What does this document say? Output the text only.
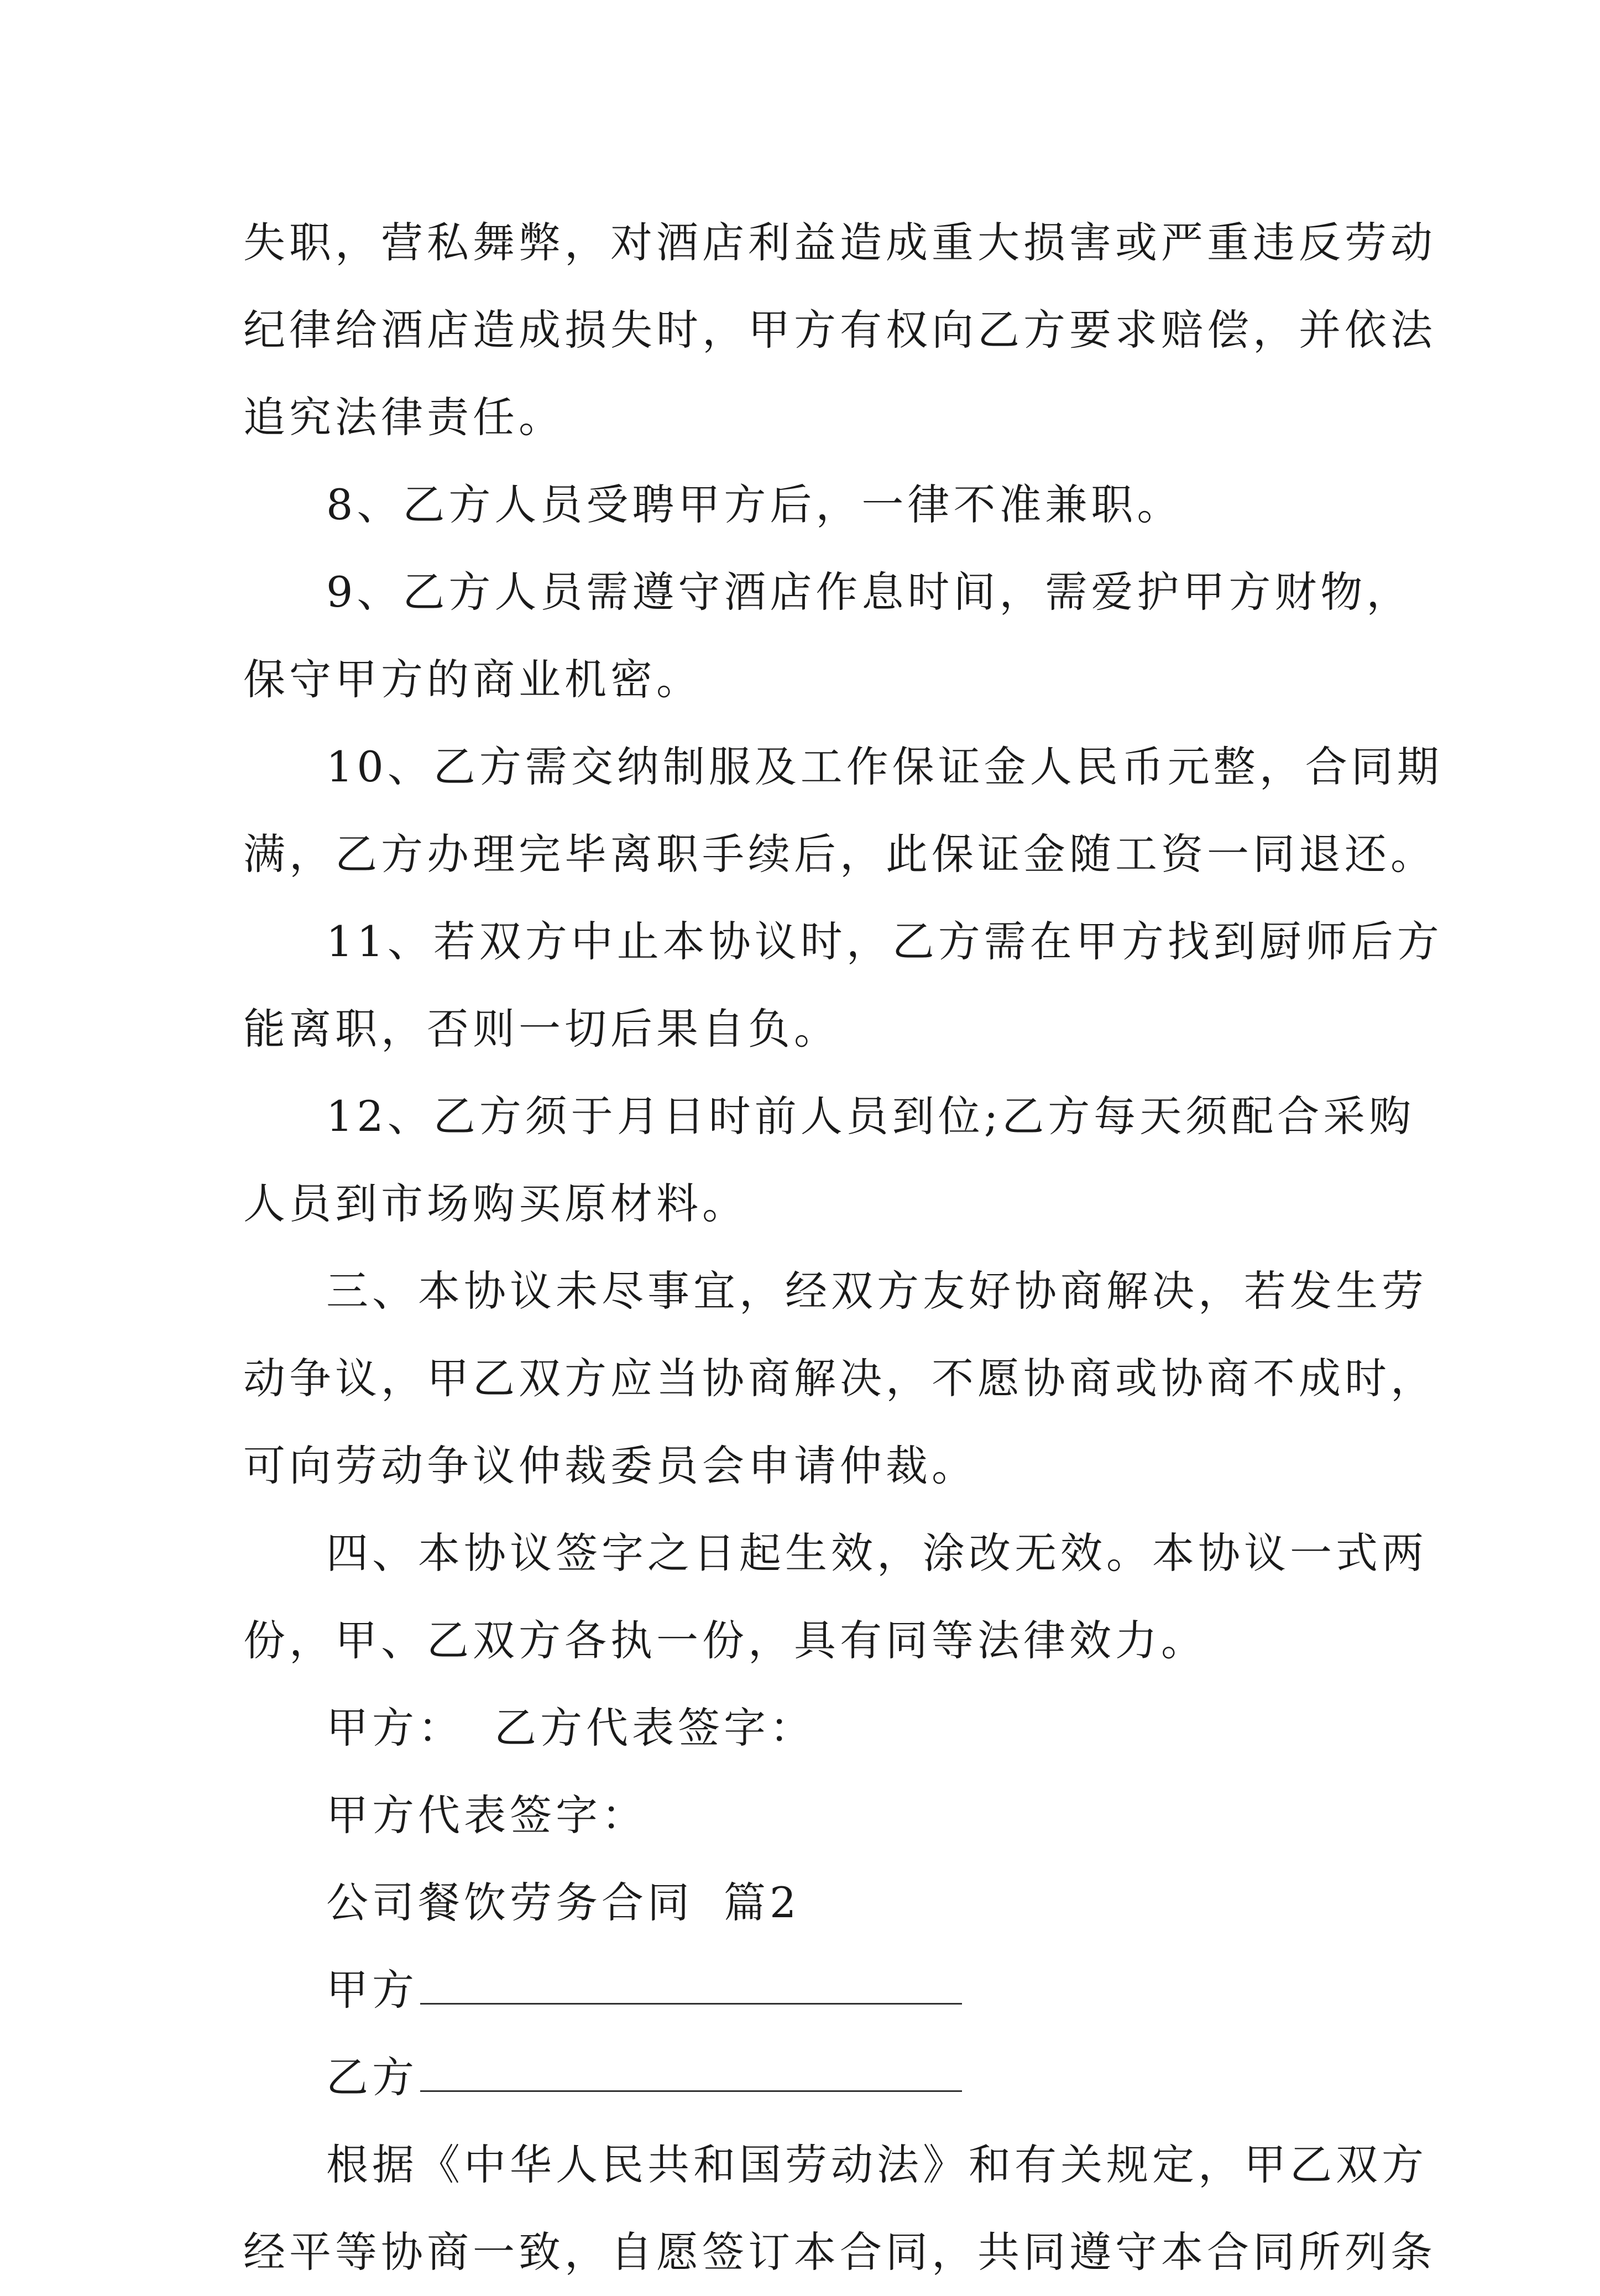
失职，营私舞弊，对酒店利益造成重大损害或严重违反劳动
纪律给酒店造成损失时，甲方有权向乙方要求赔偿，并依法
追究法律责任。
8、乙方人员受聘甲方后，一律不准兼职。
9、乙方人员需遵守酒店作息时间，需爱护甲方财物，
保守甲方的商业机密。
10、乙方需交纳制服及工作保证金人民币元整，合同期
满，乙方办理完毕离职手续后，此保证金随工资一同退还。
11、若双方中止本协议时，乙方需在甲方找到厨师后方
能离职，否则一切后果自负。
12、乙方须于月日时前人员到位;乙方每天须配合采购
人员到市场购买原材料。
三、本协议未尽事宜，经双方友好协商解决，若发生劳
动争议，甲乙双方应当协商解决，不愿协商或协商不成时，
可向劳动争议仲裁委员会申请仲裁。
四、本协议签字之日起生效，涂改无效。本协议一式两
份，甲、乙双方各执一份，具有同等法律效力。
甲方： 乙方代表签字：
甲方代表签字：
公司餐饮劳务合同 篇2
甲方
乙方
根据《中华人民共和国劳动法》和有关规定，甲乙双方
经平等协商一致，自愿签订本合同，共同遵守本合同所列条
